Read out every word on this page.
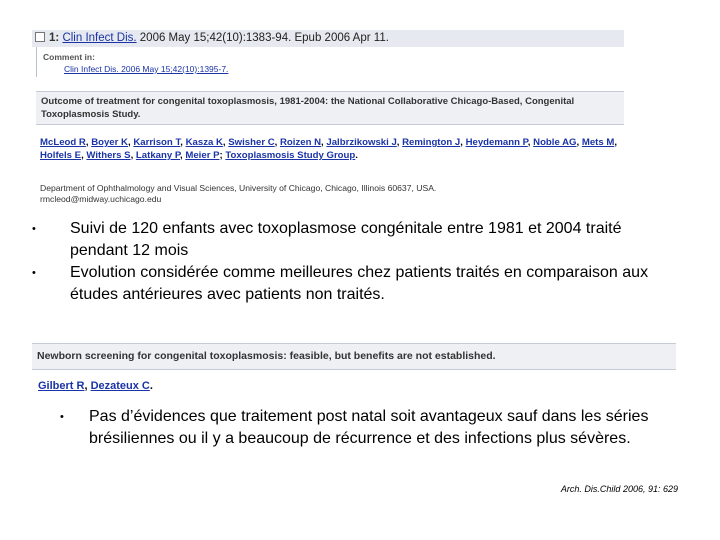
1: Clin Infect Dis. 2006 May 15;42(10):1383-94. Epub 2006 Apr 11.
Comment in:
Clin Infect Dis. 2006 May 15;42(10):1395-7.
Outcome of treatment for congenital toxoplasmosis, 1981-2004: the National Collaborative Chicago-Based, Congenital Toxoplasmosis Study.
McLeod R, Boyer K, Karrison T, Kasza K, Swisher C, Roizen N, Jalbrzikowski J, Remington J, Heydemann P, Noble AG, Mets M, Holfels E, Withers S, Latkany P, Meier P; Toxoplasmosis Study Group.
Department of Ophthalmology and Visual Sciences, University of Chicago, Chicago, Illinois 60637, USA.
rmcleod@midway.uchicago.edu
•	Suivi de 120 enfants avec toxoplasmose congénitale entre 1981 et 2004 traité pendant 12 mois
•	Evolution considérée comme meilleures chez patients traités en comparaison aux études antérieures avec patients non traités.
Newborn screening for congenital toxoplasmosis: feasible, but benefits are not established.
Gilbert R, Dezateux C.
•	Pas d’évidences que traitement post natal soit avantageux sauf dans les séries brésiliennes ou il y a beaucoup de récurrence et des infections plus sévères.
Arch. Dis.Child 2006, 91: 629
